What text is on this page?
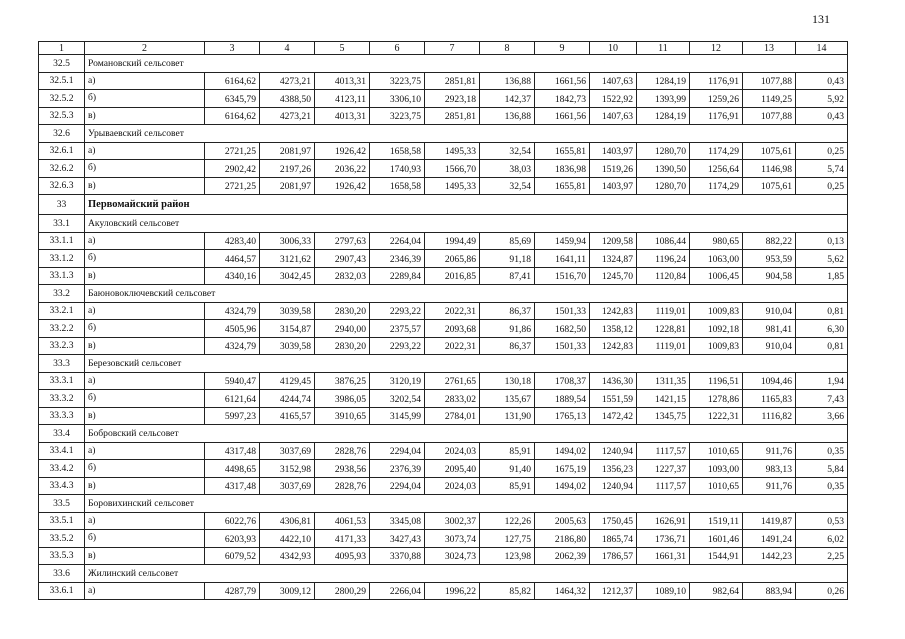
131
1	2	3	4	5	6	7	8	9	10	11	12	13	14
32.5	Романовский сельсовет												
32.5.1	а)	6164,62	4273,21	4013,31	3223,75	2851,81	136,88	1661,56	1407,63	1284,19	1176,91	1077,88	0,43
32.5.2	б)	6345,79	4388,50	4123,11	3306,10	2923,18	142,37	1842,73	1522,92	1393,99	1259,26	1149,25	5,92
32.5.3	в)	6164,62	4273,21	4013,31	3223,75	2851,81	136,88	1661,56	1407,63	1284,19	1176,91	1077,88	0,43
32.6	Урываевский сельсовет												
32.6.1	а)	2721,25	2081,97	1926,42	1658,58	1495,33	32,54	1655,81	1403,97	1280,70	1174,29	1075,61	0,25
32.6.2	б)	2902,42	2197,26	2036,22	1740,93	1566,70	38,03	1836,98	1519,26	1390,50	1256,64	1146,98	5,74
32.6.3	в)	2721,25	2081,97	1926,42	1658,58	1495,33	32,54	1655,81	1403,97	1280,70	1174,29	1075,61	0,25
33	Первомайский район												
33.1	Акуловский сельсовет												
33.1.1	а)	4283,40	3006,33	2797,63	2264,04	1994,49	85,69	1459,94	1209,58	1086,44	980,65	882,22	0,13
33.1.2	б)	4464,57	3121,62	2907,43	2346,39	2065,86	91,18	1641,11	1324,87	1196,24	1063,00	953,59	5,62
33.1.3	в)	4340,16	3042,45	2832,03	2289,84	2016,85	87,41	1516,70	1245,70	1120,84	1006,45	904,58	1,85
33.2	Баюновоключевский сельсовет												
33.2.1	а)	4324,79	3039,58	2830,20	2293,22	2022,31	86,37	1501,33	1242,83	1119,01	1009,83	910,04	0,81
33.2.2	б)	4505,96	3154,87	2940,00	2375,57	2093,68	91,86	1682,50	1358,12	1228,81	1092,18	981,41	6,30
33.2.3	в)	4324,79	3039,58	2830,20	2293,22	2022,31	86,37	1501,33	1242,83	1119,01	1009,83	910,04	0,81
33.3	Березовский сельсовет												
33.3.1	а)	5940,47	4129,45	3876,25	3120,19	2761,65	130,18	1708,37	1436,30	1311,35	1196,51	1094,46	1,94
33.3.2	б)	6121,64	4244,74	3986,05	3202,54	2833,02	135,67	1889,54	1551,59	1421,15	1278,86	1165,83	7,43
33.3.3	в)	5997,23	4165,57	3910,65	3145,99	2784,01	131,90	1765,13	1472,42	1345,75	1222,31	1116,82	3,66
33.4	Бобровский сельсовет												
33.4.1	а)	4317,48	3037,69	2828,76	2294,04	2024,03	85,91	1494,02	1240,94	1117,57	1010,65	911,76	0,35
33.4.2	б)	4498,65	3152,98	2938,56	2376,39	2095,40	91,40	1675,19	1356,23	1227,37	1093,00	983,13	5,84
33.4.3	в)	4317,48	3037,69	2828,76	2294,04	2024,03	85,91	1494,02	1240,94	1117,57	1010,65	911,76	0,35
33.5	Боровихинский сельсовет												
33.5.1	а)	6022,76	4306,81	4061,53	3345,08	3002,37	122,26	2005,63	1750,45	1626,91	1519,11	1419,87	0,53
33.5.2	б)	6203,93	4422,10	4171,33	3427,43	3073,74	127,75	2186,80	1865,74	1736,71	1601,46	1491,24	6,02
33.5.3	в)	6079,52	4342,93	4095,93	3370,88	3024,73	123,98	2062,39	1786,57	1661,31	1544,91	1442,23	2,25
33.6	Жилинский сельсовет												
33.6.1	а)	4287,79	3009,12	2800,29	2266,04	1996,22	85,82	1464,32	1212,37	1089,10	982,64	883,94	0,26
